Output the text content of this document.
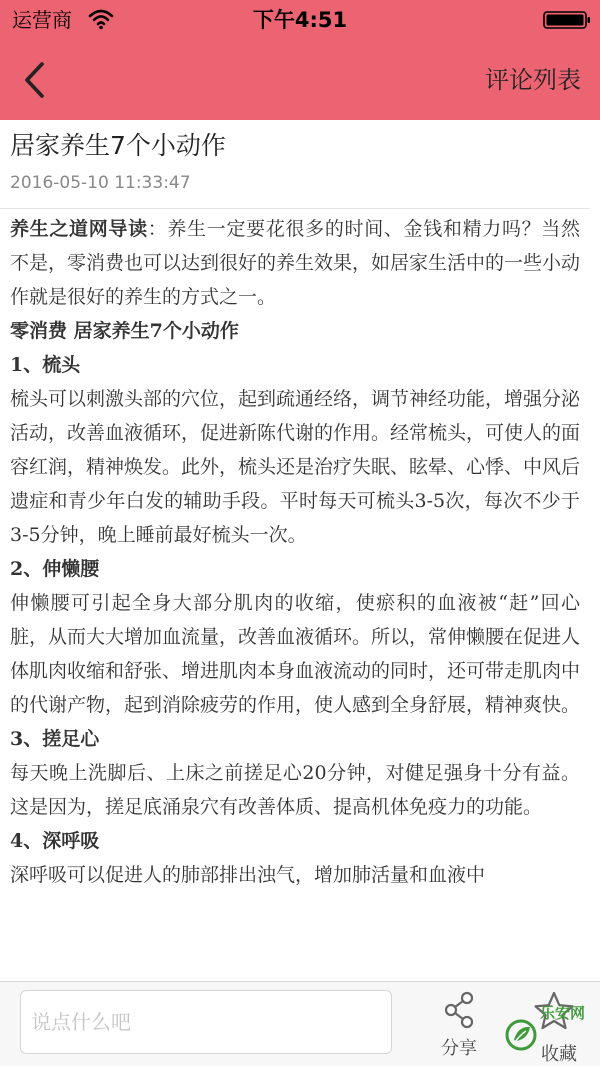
运营商	下午4:51
评论列表
居家养生7个小动作
2016-05-10 11:33:47

养生之道网导读：养生一定要花很多的时间、金钱和精力吗？当然不是，零消费也可以达到很好的养生效果，如居家生活中的一些小动作就是很好的养生的方式之一。

零消费 居家养生7个小动作

1、梳头

梳头可以刺激头部的穴位，起到疏通经络，调节神经功能，增强分泌活动，改善血液循环，促进新陈代谢的作用。经常梳头，可使人的面容红润，精神焕发。此外，梳头还是治疗失眠、眩晕、心悸、中风后遗症和青少年白发的辅助手段。平时每天可梳头3-5次，每次不少于3-5分钟，晚上睡前最好梳头一次。

2、伸懒腰

伸懒腰可引起全身大部分肌肉的收缩，使瘀积的血液被“赶”回心脏，从而大大增加血流量，改善血液循环。所以，常伸懒腰在促进人体肌肉收缩和舒张、增进肌肉本身血液流动的同时，还可带走肌肉中的代谢产物，起到消除疲劳的作用，使人感到全身舒展，精神爽快。

3、搓足心

每天晚上洗脚后、上床之前搓足心20分钟，对健足强身十分有益。这是因为，搓足底涌泉穴有改善体质、提高机体免疫力的功能。

4、深呼吸

深呼吸可以促进人的肺部排出浊气，增加肺活量和血液中

说点什么吧
分享	收藏
乐安网
